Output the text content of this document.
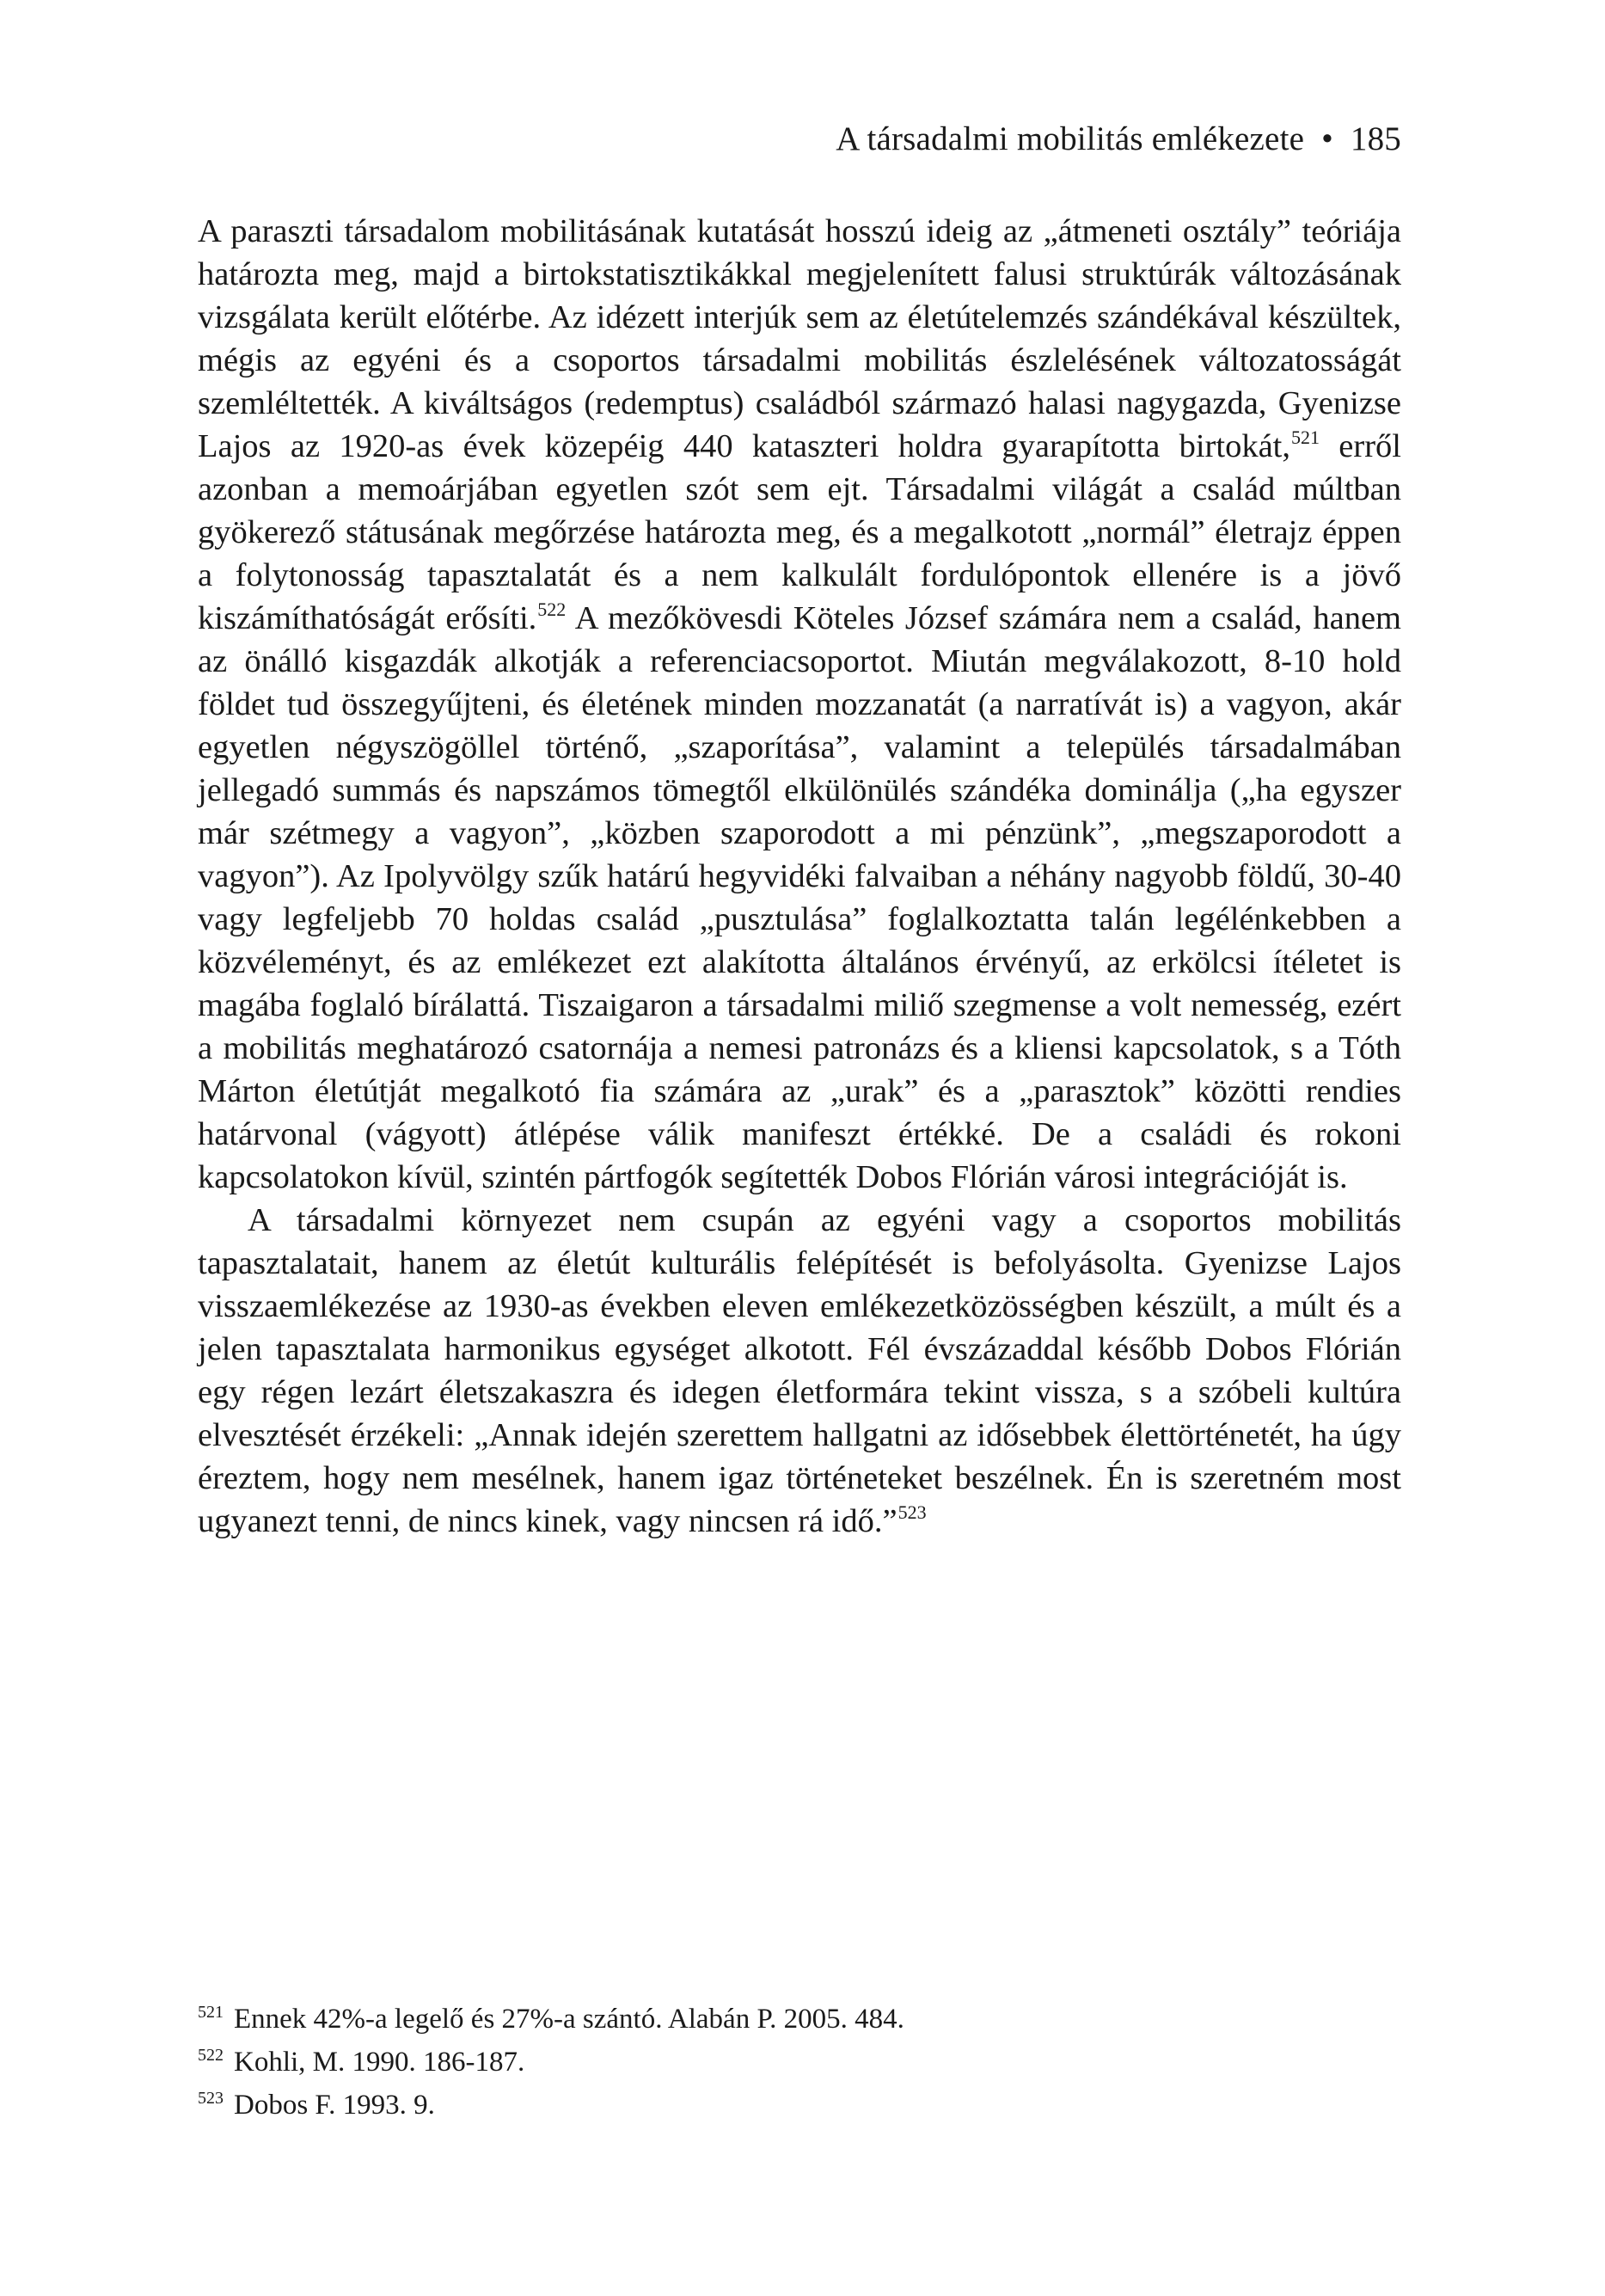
A társadalmi mobilitás emlékezete • 185

A paraszti társadalom mobilitásának kutatását hosszú ideig az „átmeneti osztály” teóriája határozta meg, majd a birtokstatisztikákkal megjelenített falusi struktúrák változásának vizsgálata került előtérbe. Az idézett interjúk sem az életútelemzés szándékával készültek, mégis az egyéni és a csoportos társadalmi mobilitás észlelésének változatosságát szemléltették. A kiváltságos (redemptus) családból származó halasi nagygazda, Gyenizse Lajos az 1920-as évek közepéig 440 kataszteri holdra gyarapította birtokát,$^{521}$ erről azonban a memoárjában egyetlen szót sem ejt. Társadalmi világát a család múltban gyökerező státusának megőrzése határozta meg, és a megalkotott „normál” életrajz éppen a folytonosság tapasztalatát és a nem kalkulált fordulópontok ellenére is a jövő kiszámíthatóságát erősíti.$^{522}$ A mezőkövesdi Köteles József számára nem a család, hanem az önálló kisgazdák alkotják a referenciacsoportot. Miután megválakozott, 8-10 hold földet tud összegyűjteni, és életének minden mozzanatát (a narratívát is) a vagyon, akár egyetlen négyszögöllel történő, „szaporítása”, valamint a település társadalmában jellegadó summás és napszámos tömegtől elkülönülés szándéka dominálja („ha egyszer már szétmegy a vagyon”, „közben szaporodott a mi pénzünk”, „megszaporodott a vagyon”). Az Ipolyvölgy szűk határú hegyvidéki falvaiban a néhány nagyobb földű, 30-40 vagy legfeljebb 70 holdas család „pusztulása” foglalkoztatta talán legélénkebben a közvéleményt, és az emlékezet ezt alakította általános érvényű, az erkölcsi ítéletet is magába foglaló bírálattá. Tiszaigaron a társadalmi miliő szegmense a volt nemesség, ezért a mobilitás meghatározó csatornája a nemesi patronázs és a kliensi kapcsolatok, s a Tóth Márton életútját megalkotó fia számára az „urak” és a „parasztok” közötti rendies határvonal (vágyott) átlépése válik manifeszt értékké. De a családi és rokoni kapcsolatokon kívül, szintén pártfogók segítették Dobos Flórián városi integrációját is.

A társadalmi környezet nem csupán az egyéni vagy a csoportos mobilitás tapasztalatait, hanem az életút kulturális felépítését is befolyásolta. Gyenizse Lajos visszaemlékezése az 1930-as években eleven emlékezetközösségben készült, a múlt és a jelen tapasztalata harmonikus egységet alkotott. Fél évszázaddal később Dobos Flórián egy régen lezárt életszakaszra és idegen életformára tekint vissza, s a szóbeli kultúra elvesztését érzékeli: „Annak idején szerettem hallgatni az idősebbek élettörténetét, ha úgy éreztem, hogy nem mesélnek, hanem igaz történeteket beszélnek. Én is szeretném most ugyanezt tenni, de nincs kinek, vagy nincsen rá idő.”$^{523}$

521 Ennek 42%-a legelő és 27%-a szántó. Alabán P. 2005. 484.
522 Kohli, M. 1990. 186-187.
523 Dobos F. 1993. 9.
